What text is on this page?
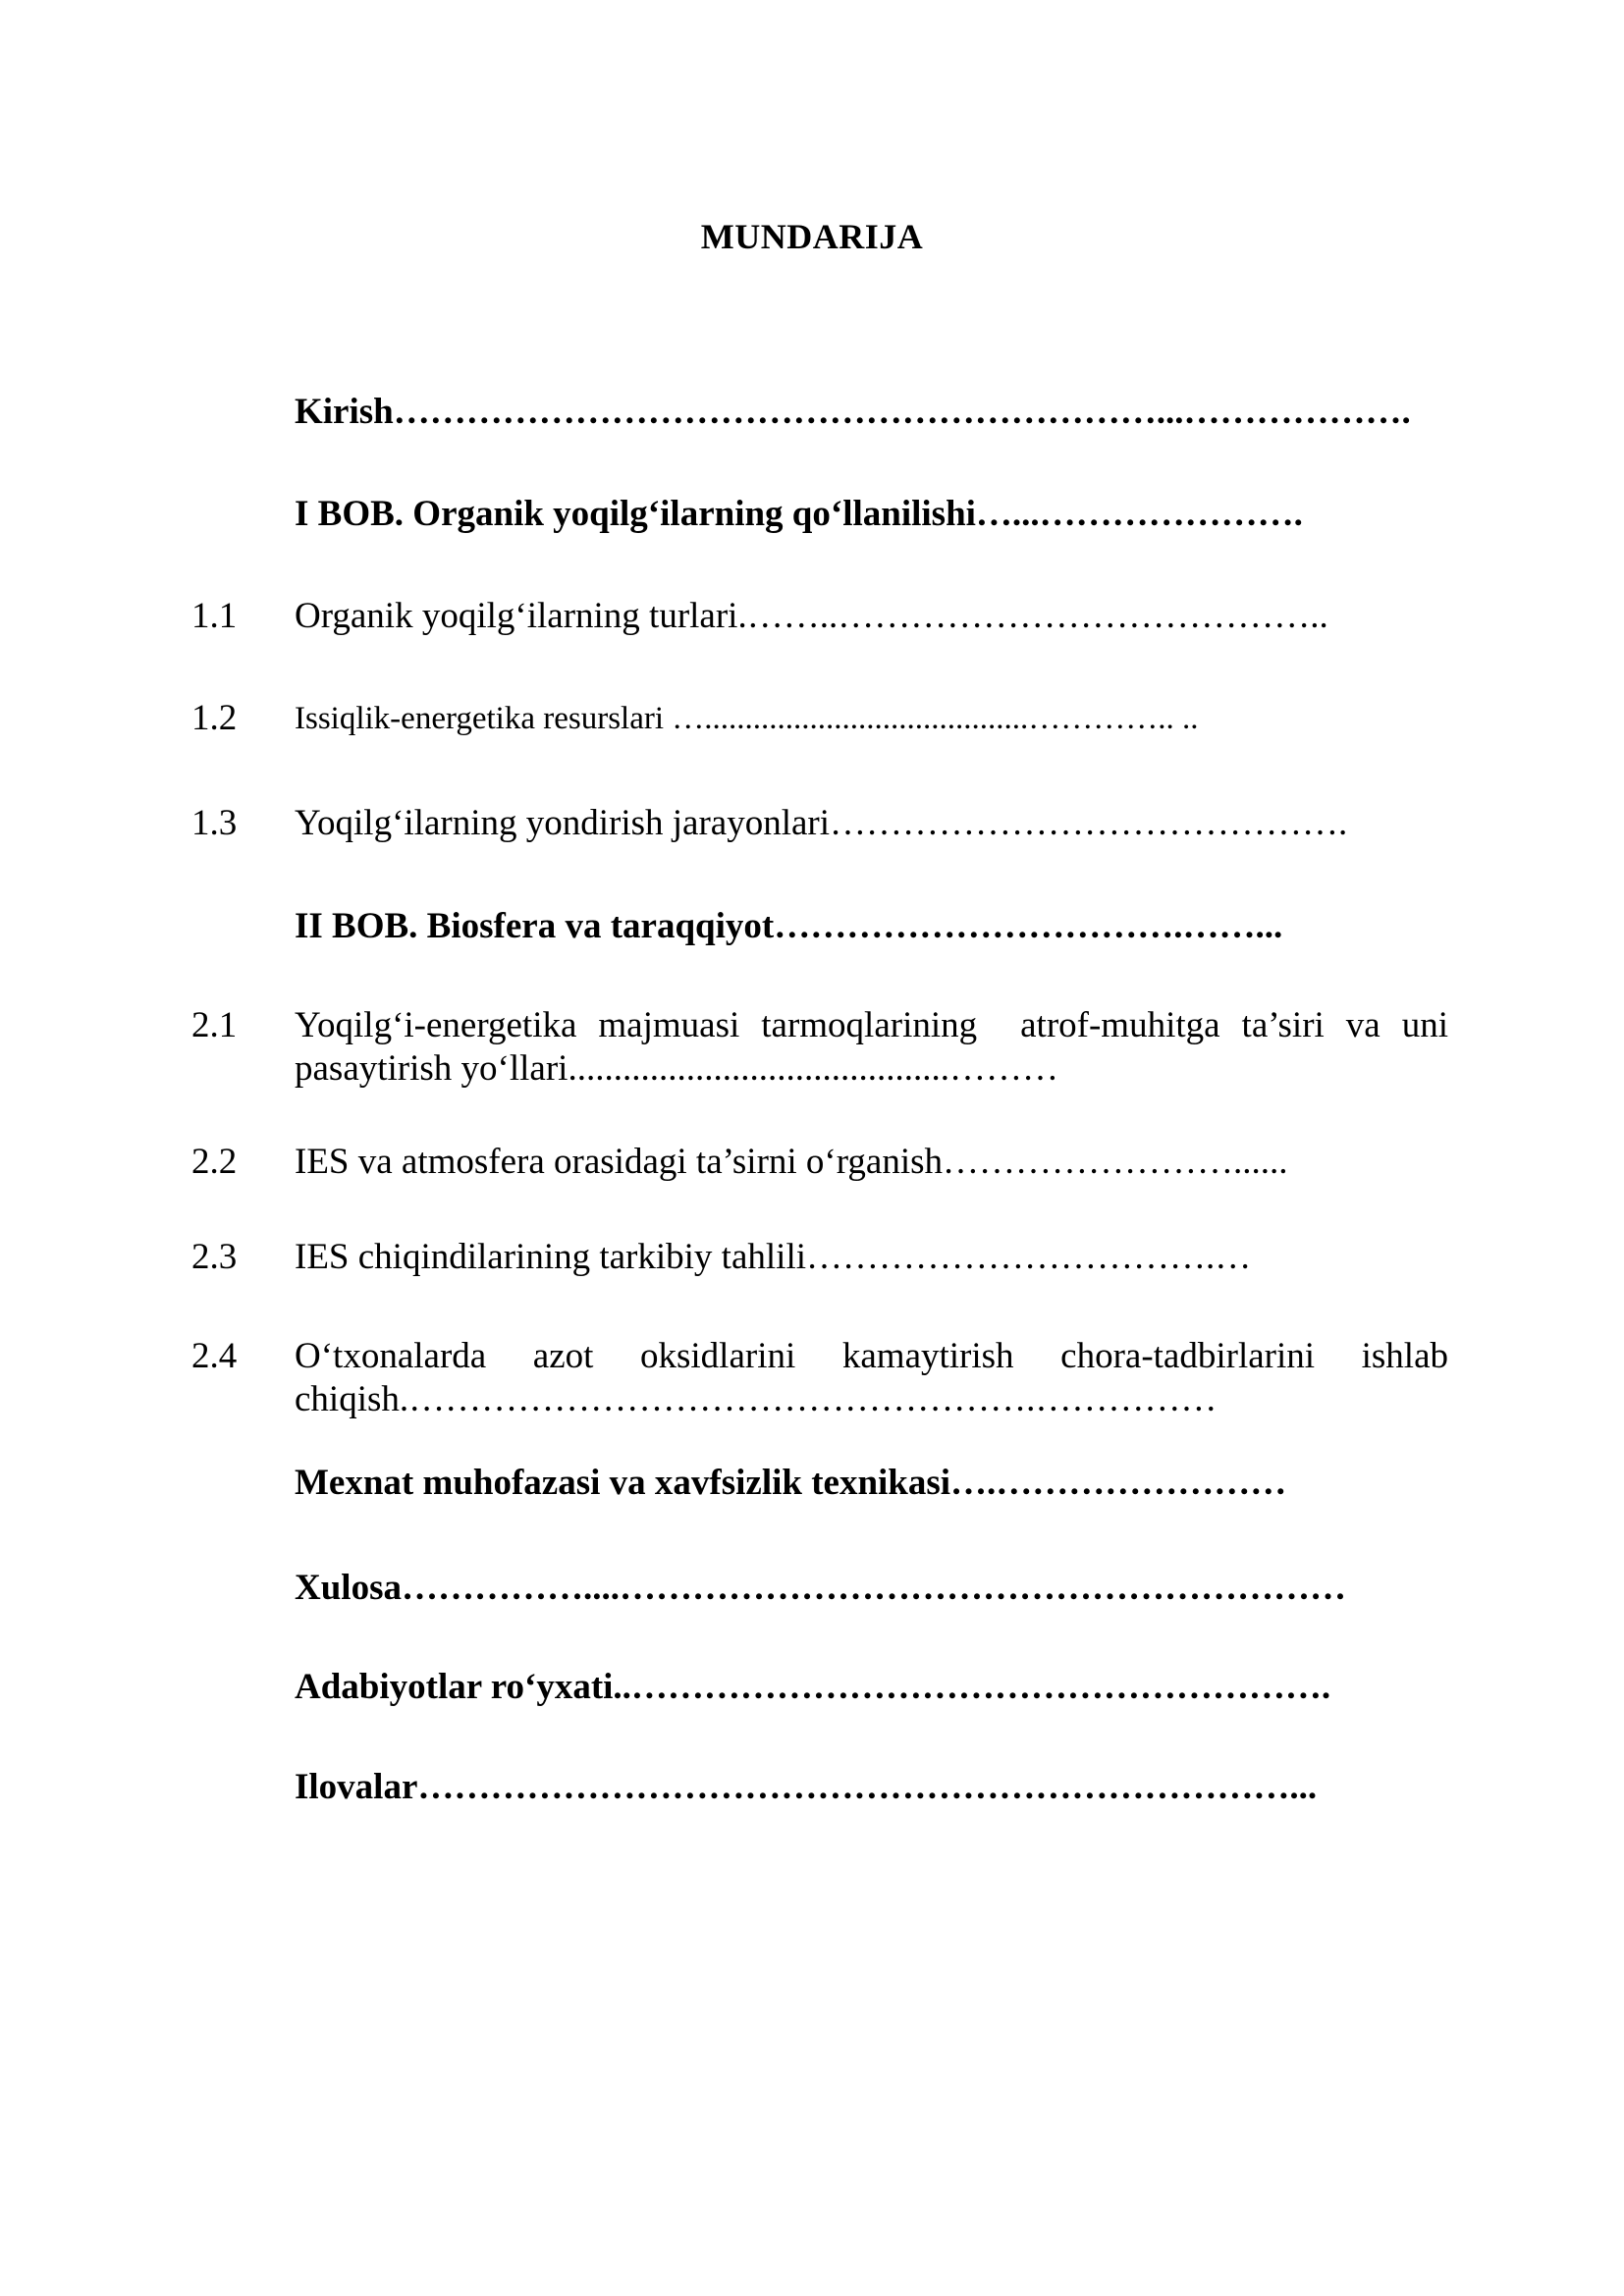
MUNDARIJA
Kirish………………………………………………………...……………….
I BOB. Organik yoqilg‘ilarning qo‘llanilishi…...………………….
1.1	Organik yoqilg‘ilarning turlari.……..…………………………………..
1.2	Issiqlik-energetika resurslari …........................................………….. ..
1.3	Yoqilg‘ilarning yondirish jarayonlari…………………………………….
II BOB. Biosfera va taraqqiyot…………………………….……...
2.1	Yoqilg‘i-energetika majmuasi tarmoqlarining  atrof-muhitga ta’siri va uni pasaytirish yo‘llari..........................................………
2.2	IES va atmosfera orasidagi ta’sirni o‘rganish……………………......
2.3	IES chiqindilarining tarkibiy tahlili…………………………….…
2.4	O‘txonalarda azot oksidlarini kamaytirish chora-tadbirlarini ishlab chiqish.…………………………………………….……………
Mexnat muhofazasi va xavfsizlik texnikasi….……………………
Xulosa……………....……………………………………………………
Adabiyotlar ro‘yxati..………………………………………………….
Ilovalar………………………………………………………………...
